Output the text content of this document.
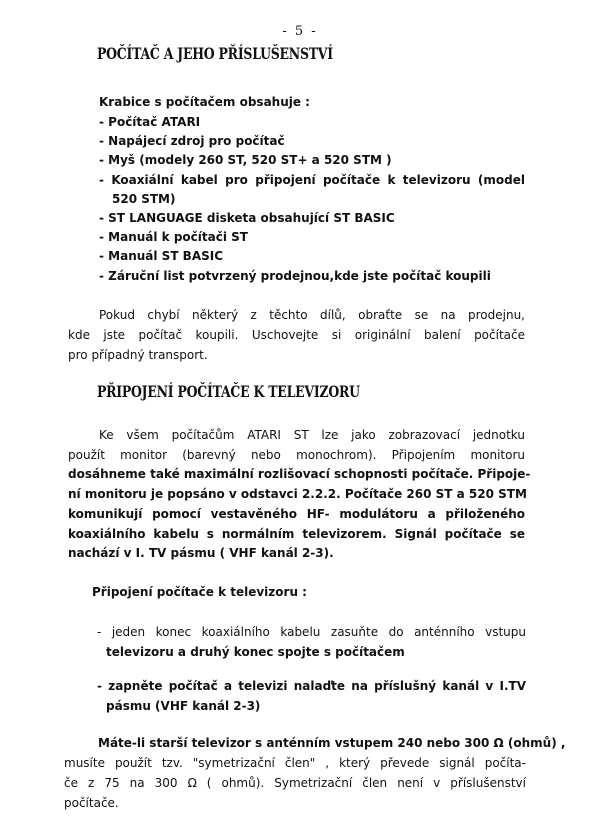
- 5 -
POČÍTAČ A JEHO PŘÍSLUŠENSTVÍ
Krabice s počítačem obsahuje :
- Počítač ATARI
- Napájecí zdroj pro počítač
- Myš (modely 260 ST, 520 ST+ a 520 STM )
- Koaxiální kabel pro připojení počítače k televizoru (model
520 STM)
- ST LANGUAGE disketa obsahující ST BASIC
- Manuál k počítači ST
- Manuál ST BASIC
- Záruční list potvrzený prodejnou,kde jste počítač koupili
Pokud chybí některý z těchto dílů, obraťte se na prodejnu,
kde jste počítač koupili. Uschovejte si originální balení počítače
pro případný transport.
PŘIPOJENÍ POČÍTAČE K TELEVIZORU
Ke všem počítačům ATARI ST lze jako zobrazovací jednotku
použít monitor (barevný nebo monochrom). Připojením monitoru
dosáhneme také maximální rozlišovací schopnosti počítače. Připoje-
ní monitoru je popsáno v odstavci 2.2.2. Počítače 260 ST a 520 STM
komunikují pomocí vestavěného HF- modulátoru a přiloženého
koaxiálního kabelu s normálním televizorem. Signál počítače se
nachází v I. TV pásmu ( VHF kanál 2-3).
Připojení počítače k televizoru :
- jeden konec koaxiálního kabelu zasuňte do anténního vstupu
televizoru a druhý konec spojte s počítačem
- zapněte počítač a televizi nalaďte na příslušný kanál v I.TV
pásmu (VHF kanál 2-3)
Máte-li starší televizor s anténním vstupem 240 nebo 300 Ω (ohmů) ,
musíte použít tzv. "symetrizační člen" , který převede signál počíta-
če z 75 na 300 Ω ( ohmů). Symetrizační člen není v příslušenství
počítače.
